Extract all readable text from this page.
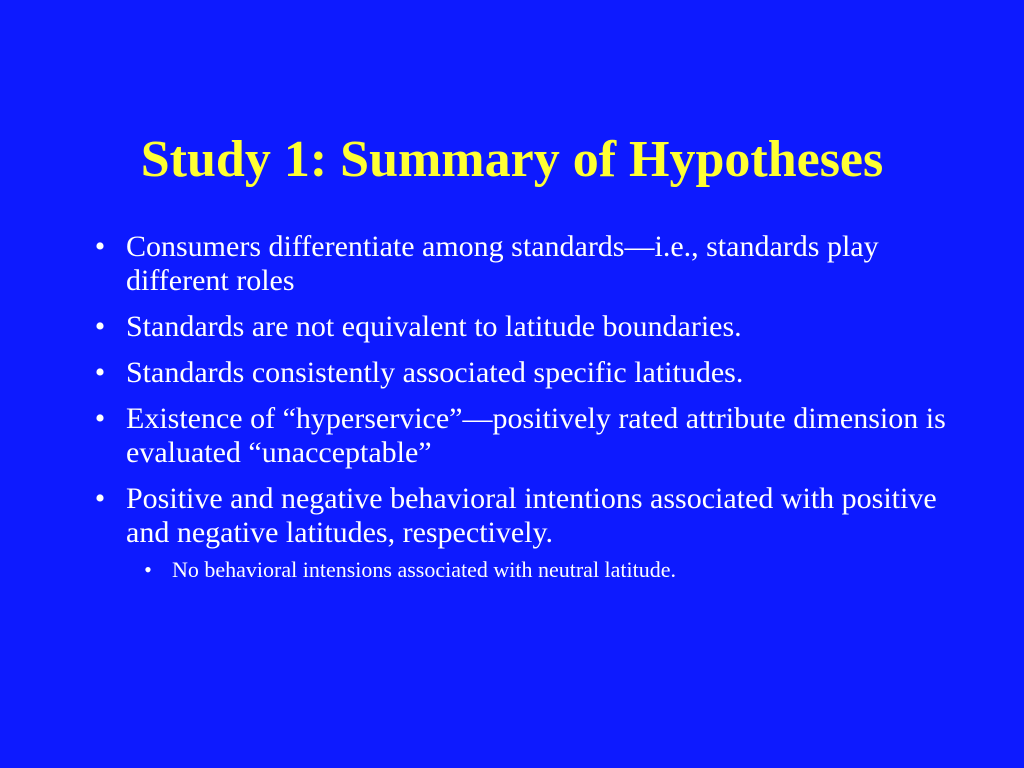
Study 1: Summary of Hypotheses
• Consumers differentiate among standards—i.e., standards play different roles
• Standards are not equivalent to latitude boundaries.
• Standards consistently associated specific latitudes.
• Existence of “hyperservice”—positively rated attribute dimension is evaluated “unacceptable”
• Positive and negative behavioral intentions associated with positive and negative latitudes, respectively.
• No behavioral intensions associated with neutral latitude.
